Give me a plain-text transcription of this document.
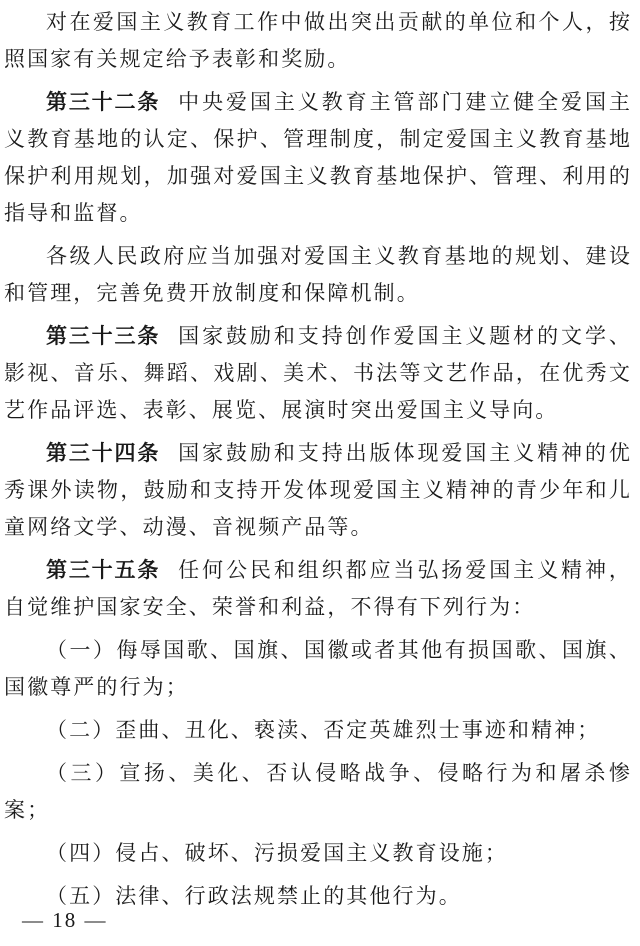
对在爱国主义教育工作中做出突出贡献的单位和个人，按照国家有关规定给予表彰和奖励。

第三十二条 中央爱国主义教育主管部门建立健全爱国主义教育基地的认定、保护、管理制度，制定爱国主义教育基地保护利用规划，加强对爱国主义教育基地保护、管理、利用的指导和监督。

各级人民政府应当加强对爱国主义教育基地的规划、建设和管理，完善免费开放制度和保障机制。

第三十三条 国家鼓励和支持创作爱国主义题材的文学、影视、音乐、舞蹈、戏剧、美术、书法等文艺作品，在优秀文艺作品评选、表彰、展览、展演时突出爱国主义导向。

第三十四条 国家鼓励和支持出版体现爱国主义精神的优秀课外读物，鼓励和支持开发体现爱国主义精神的青少年和儿童网络文学、动漫、音视频产品等。

第三十五条 任何公民和组织都应当弘扬爱国主义精神，自觉维护国家安全、荣誉和利益，不得有下列行为：

（一）侮辱国歌、国旗、国徽或者其他有损国歌、国旗、国徽尊严的行为；

（二）歪曲、丑化、亵渎、否定英雄烈士事迹和精神；

（三）宣扬、美化、否认侵略战争、侵略行为和屠杀惨案；

（四）侵占、破坏、污损爱国主义教育设施；

（五）法律、行政法规禁止的其他行为。

— 18 —
